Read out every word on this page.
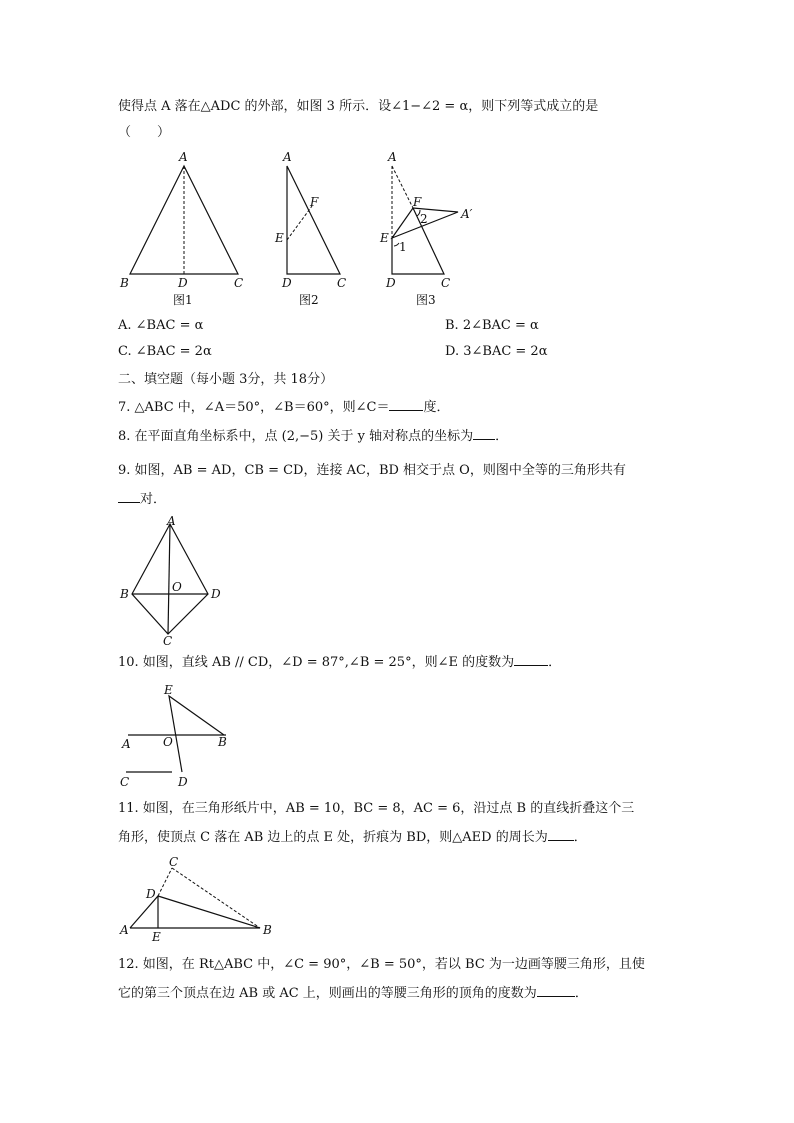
使得点 A 落在△ADC 的外部，如图 3 所示．设∠1−∠2 = α，则下列等式成立的是
（　　）
A
B	C
D
图1
A
D	C
E
F
图2
A
D	C
E
F
A′
1
2
图3
A. ∠BAC = α	B. 2∠BAC = α
C. ∠BAC = 2α	D. 3∠BAC = 2α
二、填空题（每小题 3分，共 18分）
7. △ABC 中，∠A＝50°，∠B＝60°，则∠C＝	度．
8. 在平面直角坐标系中，点 (2,−5) 关于 y 轴对称点的坐标为 ．
9. 如图，AB = AD，CB = CD，连接 AC，BD 相交于点 O，则图中全等的三角形共有
对．
A
B
C
D
O
10. 如图，直线 AB // CD，∠D = 87°,∠B = 25°，则∠E 的度数为	．
E
A	O	B
C	D
11. 如图，在三角形纸片中，AB = 10，BC = 8，AC = 6，沿过点 B 的直线折叠这个三
角形，使顶点 C 落在 AB 边上的点 E 处，折痕为 BD，则△AED 的周长为 ．
C
D
A E	B
12. 如图，在 Rt△ABC 中，∠C = 90°，∠B = 50°，若以 BC 为一边画等腰三角形，且使
它的第三个顶点在边 AB 或 AC 上，则画出的等腰三角形的顶角的度数为	．
